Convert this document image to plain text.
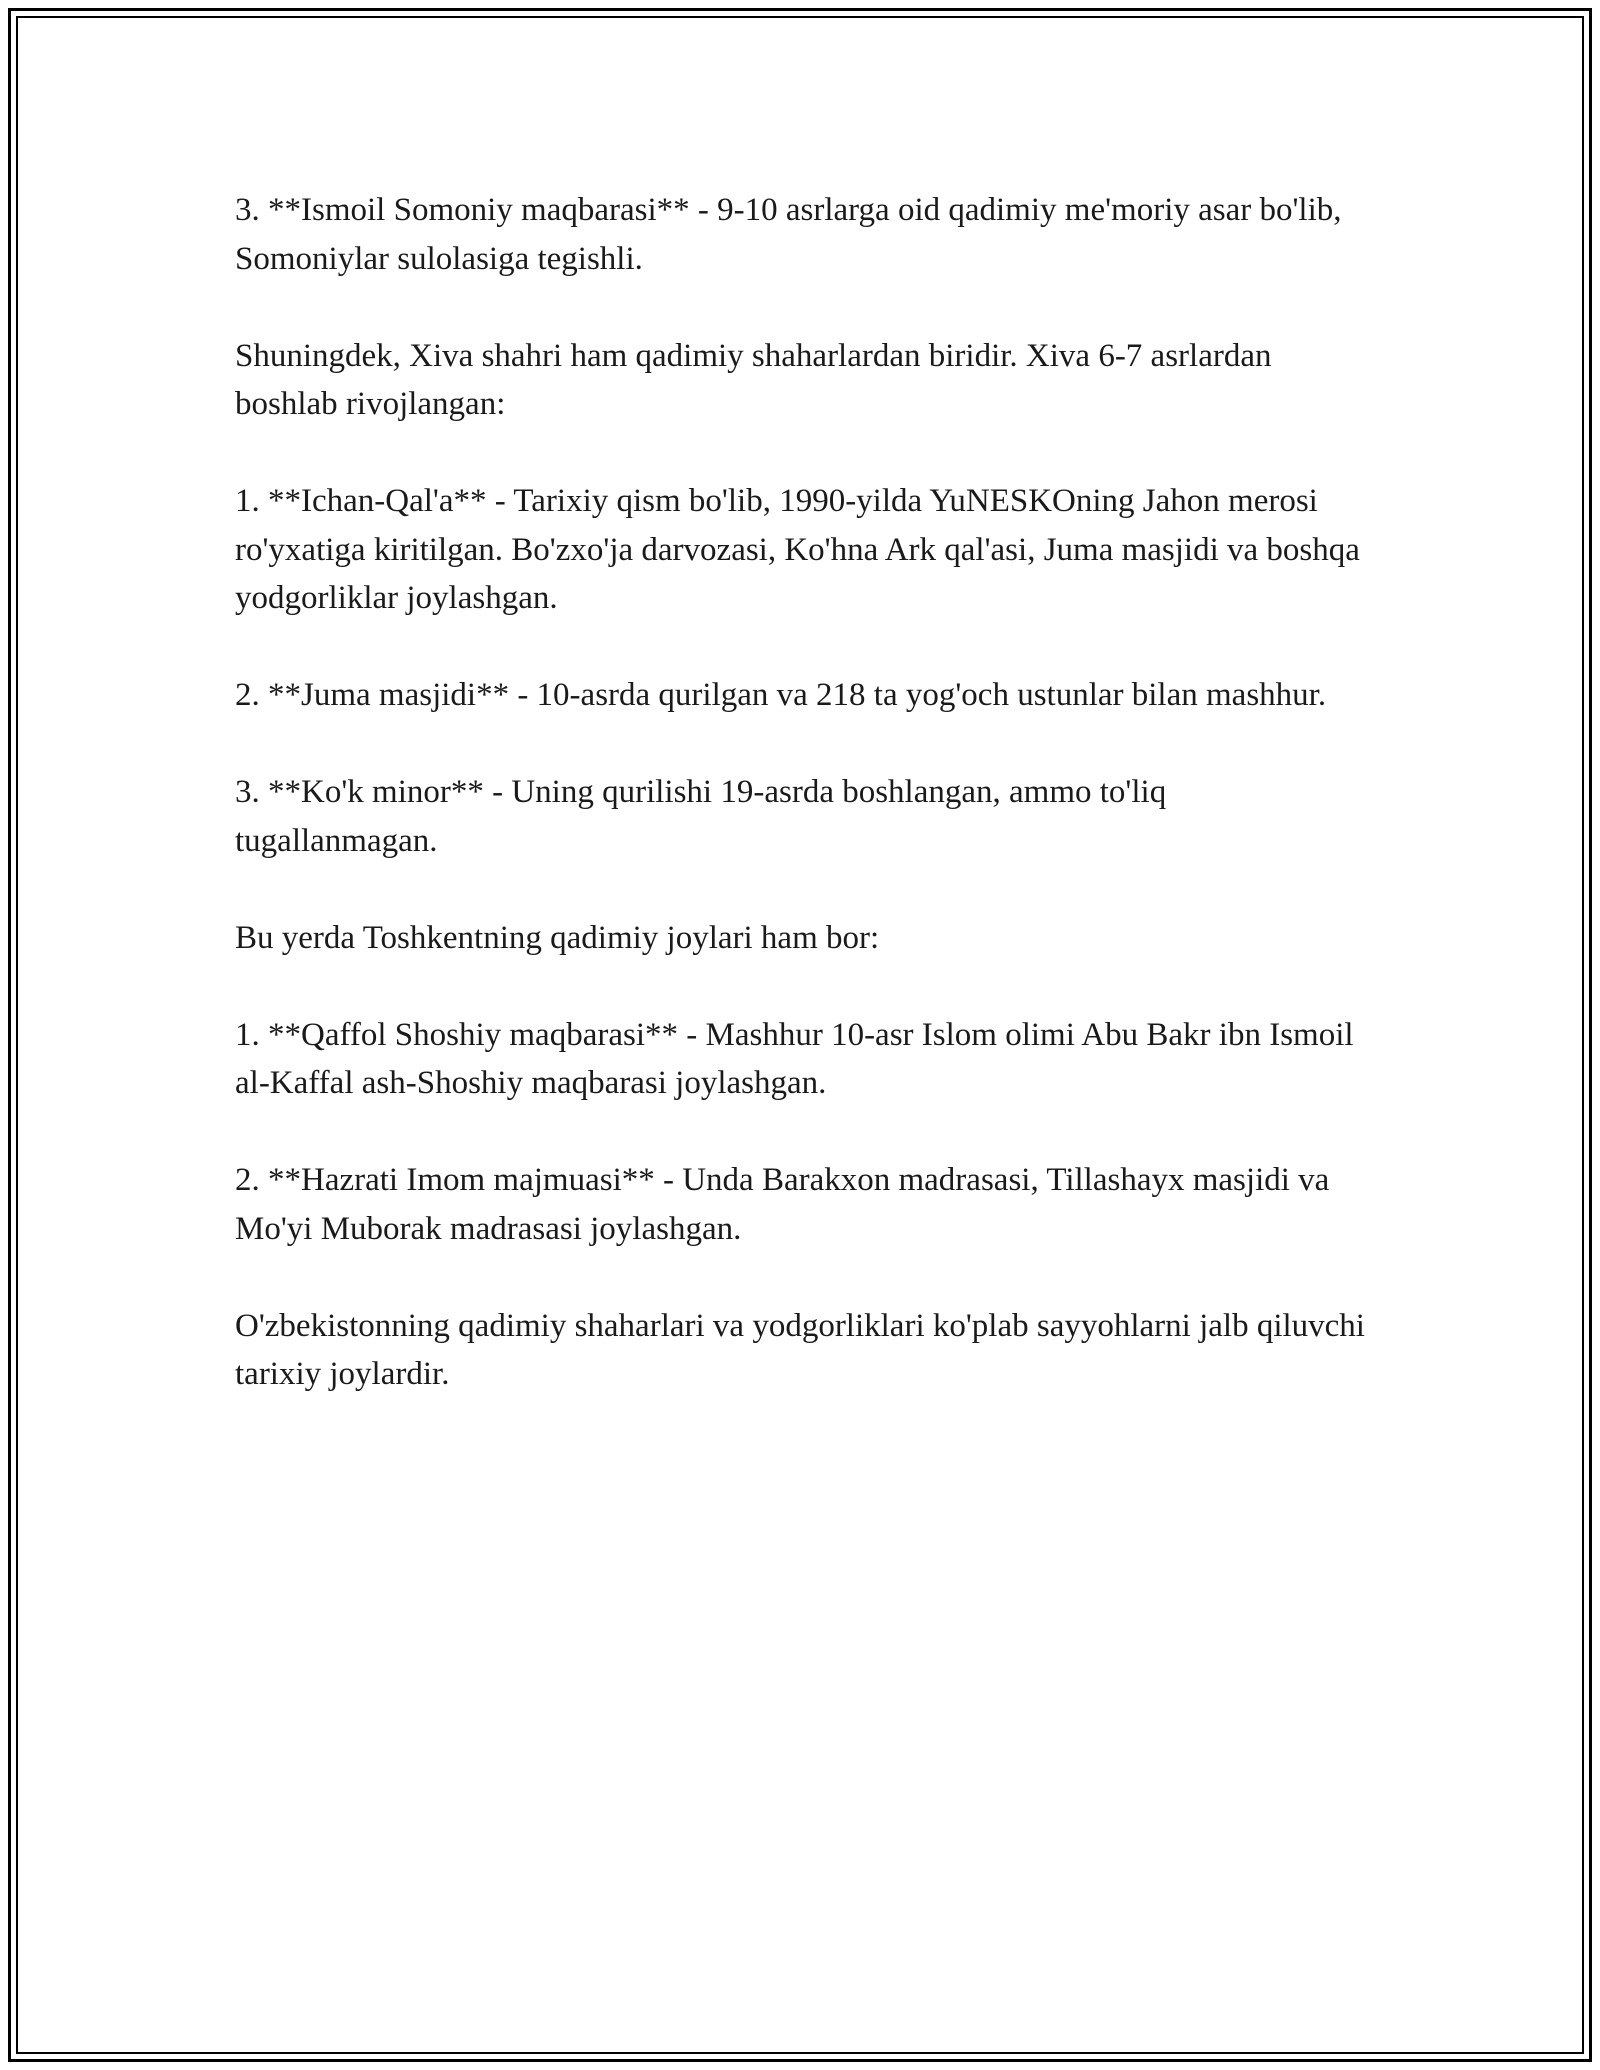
3. **Ismoil Somoniy maqbarasi** - 9-10 asrlarga oid qadimiy me'moriy asar bo'lib, Somoniylar sulolasiga tegishli.

Shuningdek, Xiva shahri ham qadimiy shaharlardan biridir. Xiva 6-7 asrlardan boshlab rivojlangan:

1. **Ichan-Qal'a** - Tarixiy qism bo'lib, 1990-yilda YuNESKOning Jahon merosi ro'yxatiga kiritilgan. Bo'zxo'ja darvozasi, Ko'hna Ark qal'asi, Juma masjidi va boshqa yodgorliklar joylashgan.

2. **Juma masjidi** - 10-asrda qurilgan va 218 ta yog'och ustunlar bilan mashhur.

3. **Ko'k minor** - Uning qurilishi 19-asrda boshlangan, ammo to'liq tugallanmagan.

Bu yerda Toshkentning qadimiy joylari ham bor:

1. **Qaffol Shoshiy maqbarasi** - Mashhur 10-asr Islom olimi Abu Bakr ibn Ismoil al-Kaffal ash-Shoshiy maqbarasi joylashgan.

2. **Hazrati Imom majmuasi** - Unda Barakxon madrasasi, Tillashayx masjidi va Mo'yi Muborak madrasasi joylashgan.

O'zbekistonning qadimiy shaharlari va yodgorliklari ko'plab sayyohlarni jalb qiluvchi tarixiy joylardir.
